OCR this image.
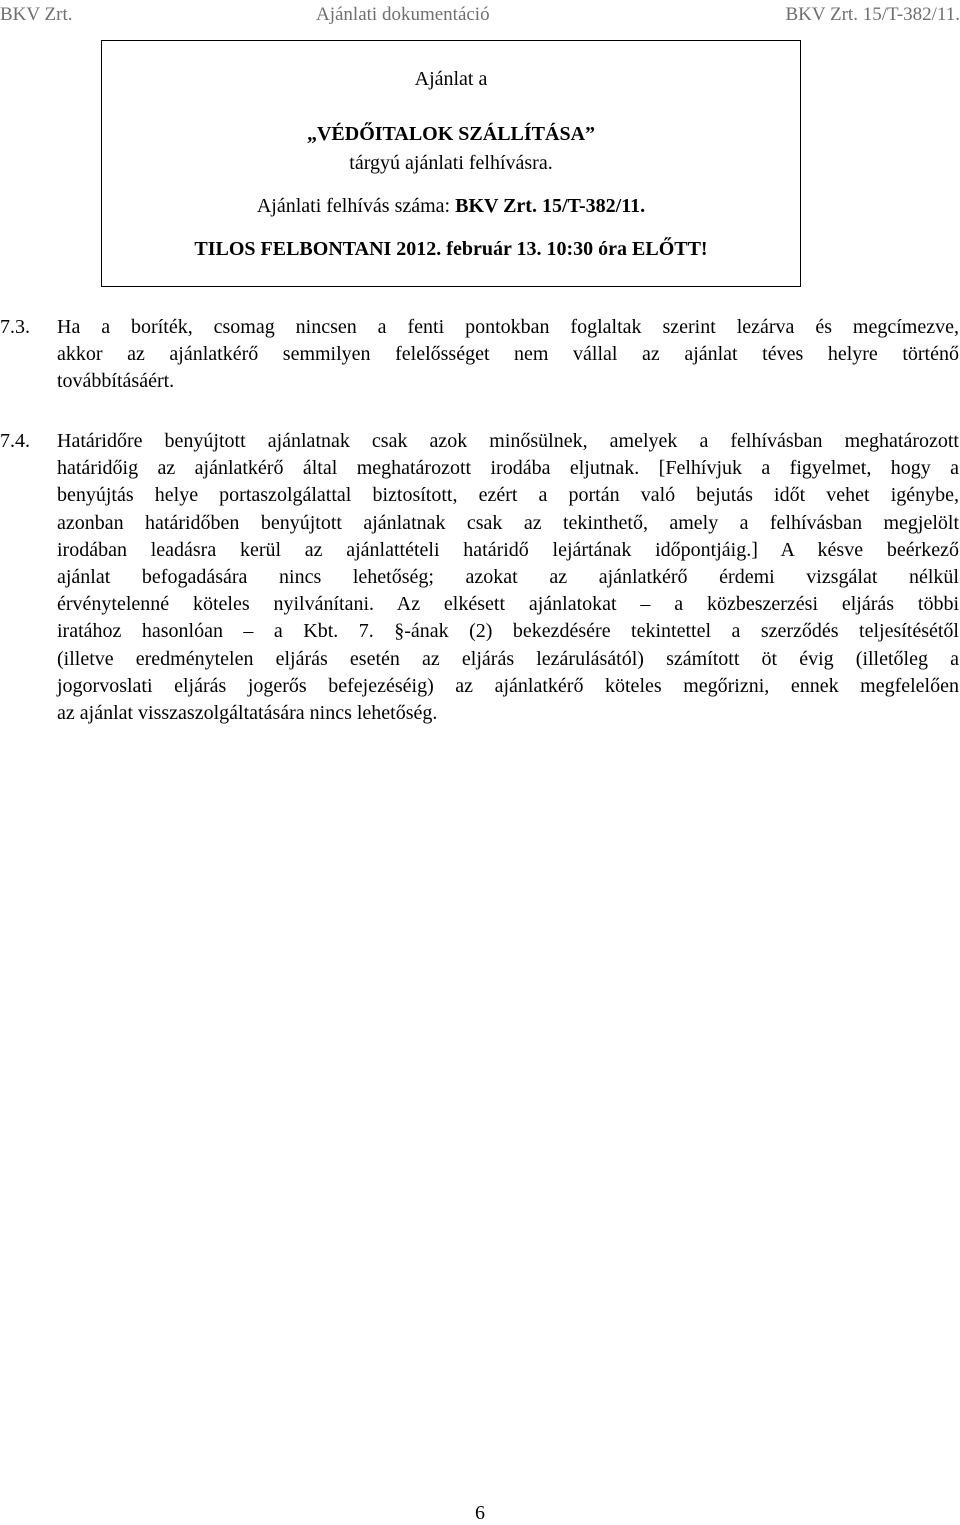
BKV Zrt.	Ajánlati dokumentáció	BKV Zrt. 15/T-382/11.
Ajánlat a
„VÉDŐITALOK SZÁLLÍTÁSA”
tárgyú ajánlati felhívásra.
Ajánlati felhívás száma: BKV Zrt. 15/T-382/11.
TILOS FELBONTANI 2012. február 13. 10:30 óra ELŐTT!
7.3. Ha a boríték, csomag nincsen a fenti pontokban foglaltak szerint lezárva és megcímezve,
akkor az ajánlatkérő semmilyen felelősséget nem vállal az ajánlat téves helyre történő
továbbításáért.
7.4. Határidőre benyújtott ajánlatnak csak azok minősülnek, amelyek a felhívásban meghatározott
határidőig az ajánlatkérő által meghatározott irodába eljutnak. [Felhívjuk a figyelmet, hogy a
benyújtás helye portaszolgálattal biztosított, ezért a portán való bejutás időt vehet igénybe,
azonban határidőben benyújtott ajánlatnak csak az tekinthető, amely a felhívásban megjelölt
irodában leadásra kerül az ajánlattételi határidő lejártának időpontjáig.] A késve beérkező
ajánlat befogadására nincs lehetőség; azokat az ajánlatkérő érdemi vizsgálat nélkül
érvénytelenné köteles nyilvánítani. Az elkésett ajánlatokat – a közbeszerzési eljárás többi
iratához hasonlóan – a Kbt. 7. §-ának (2) bekezdésére tekintettel a szerződés teljesítésétől
(illetve eredménytelen eljárás esetén az eljárás lezárulásától) számított öt évig (illetőleg a
jogorvoslati eljárás jogerős befejezéséig) az ajánlatkérő köteles megőrizni, ennek megfelelően
az ajánlat visszaszolgáltatására nincs lehetőség.
6
